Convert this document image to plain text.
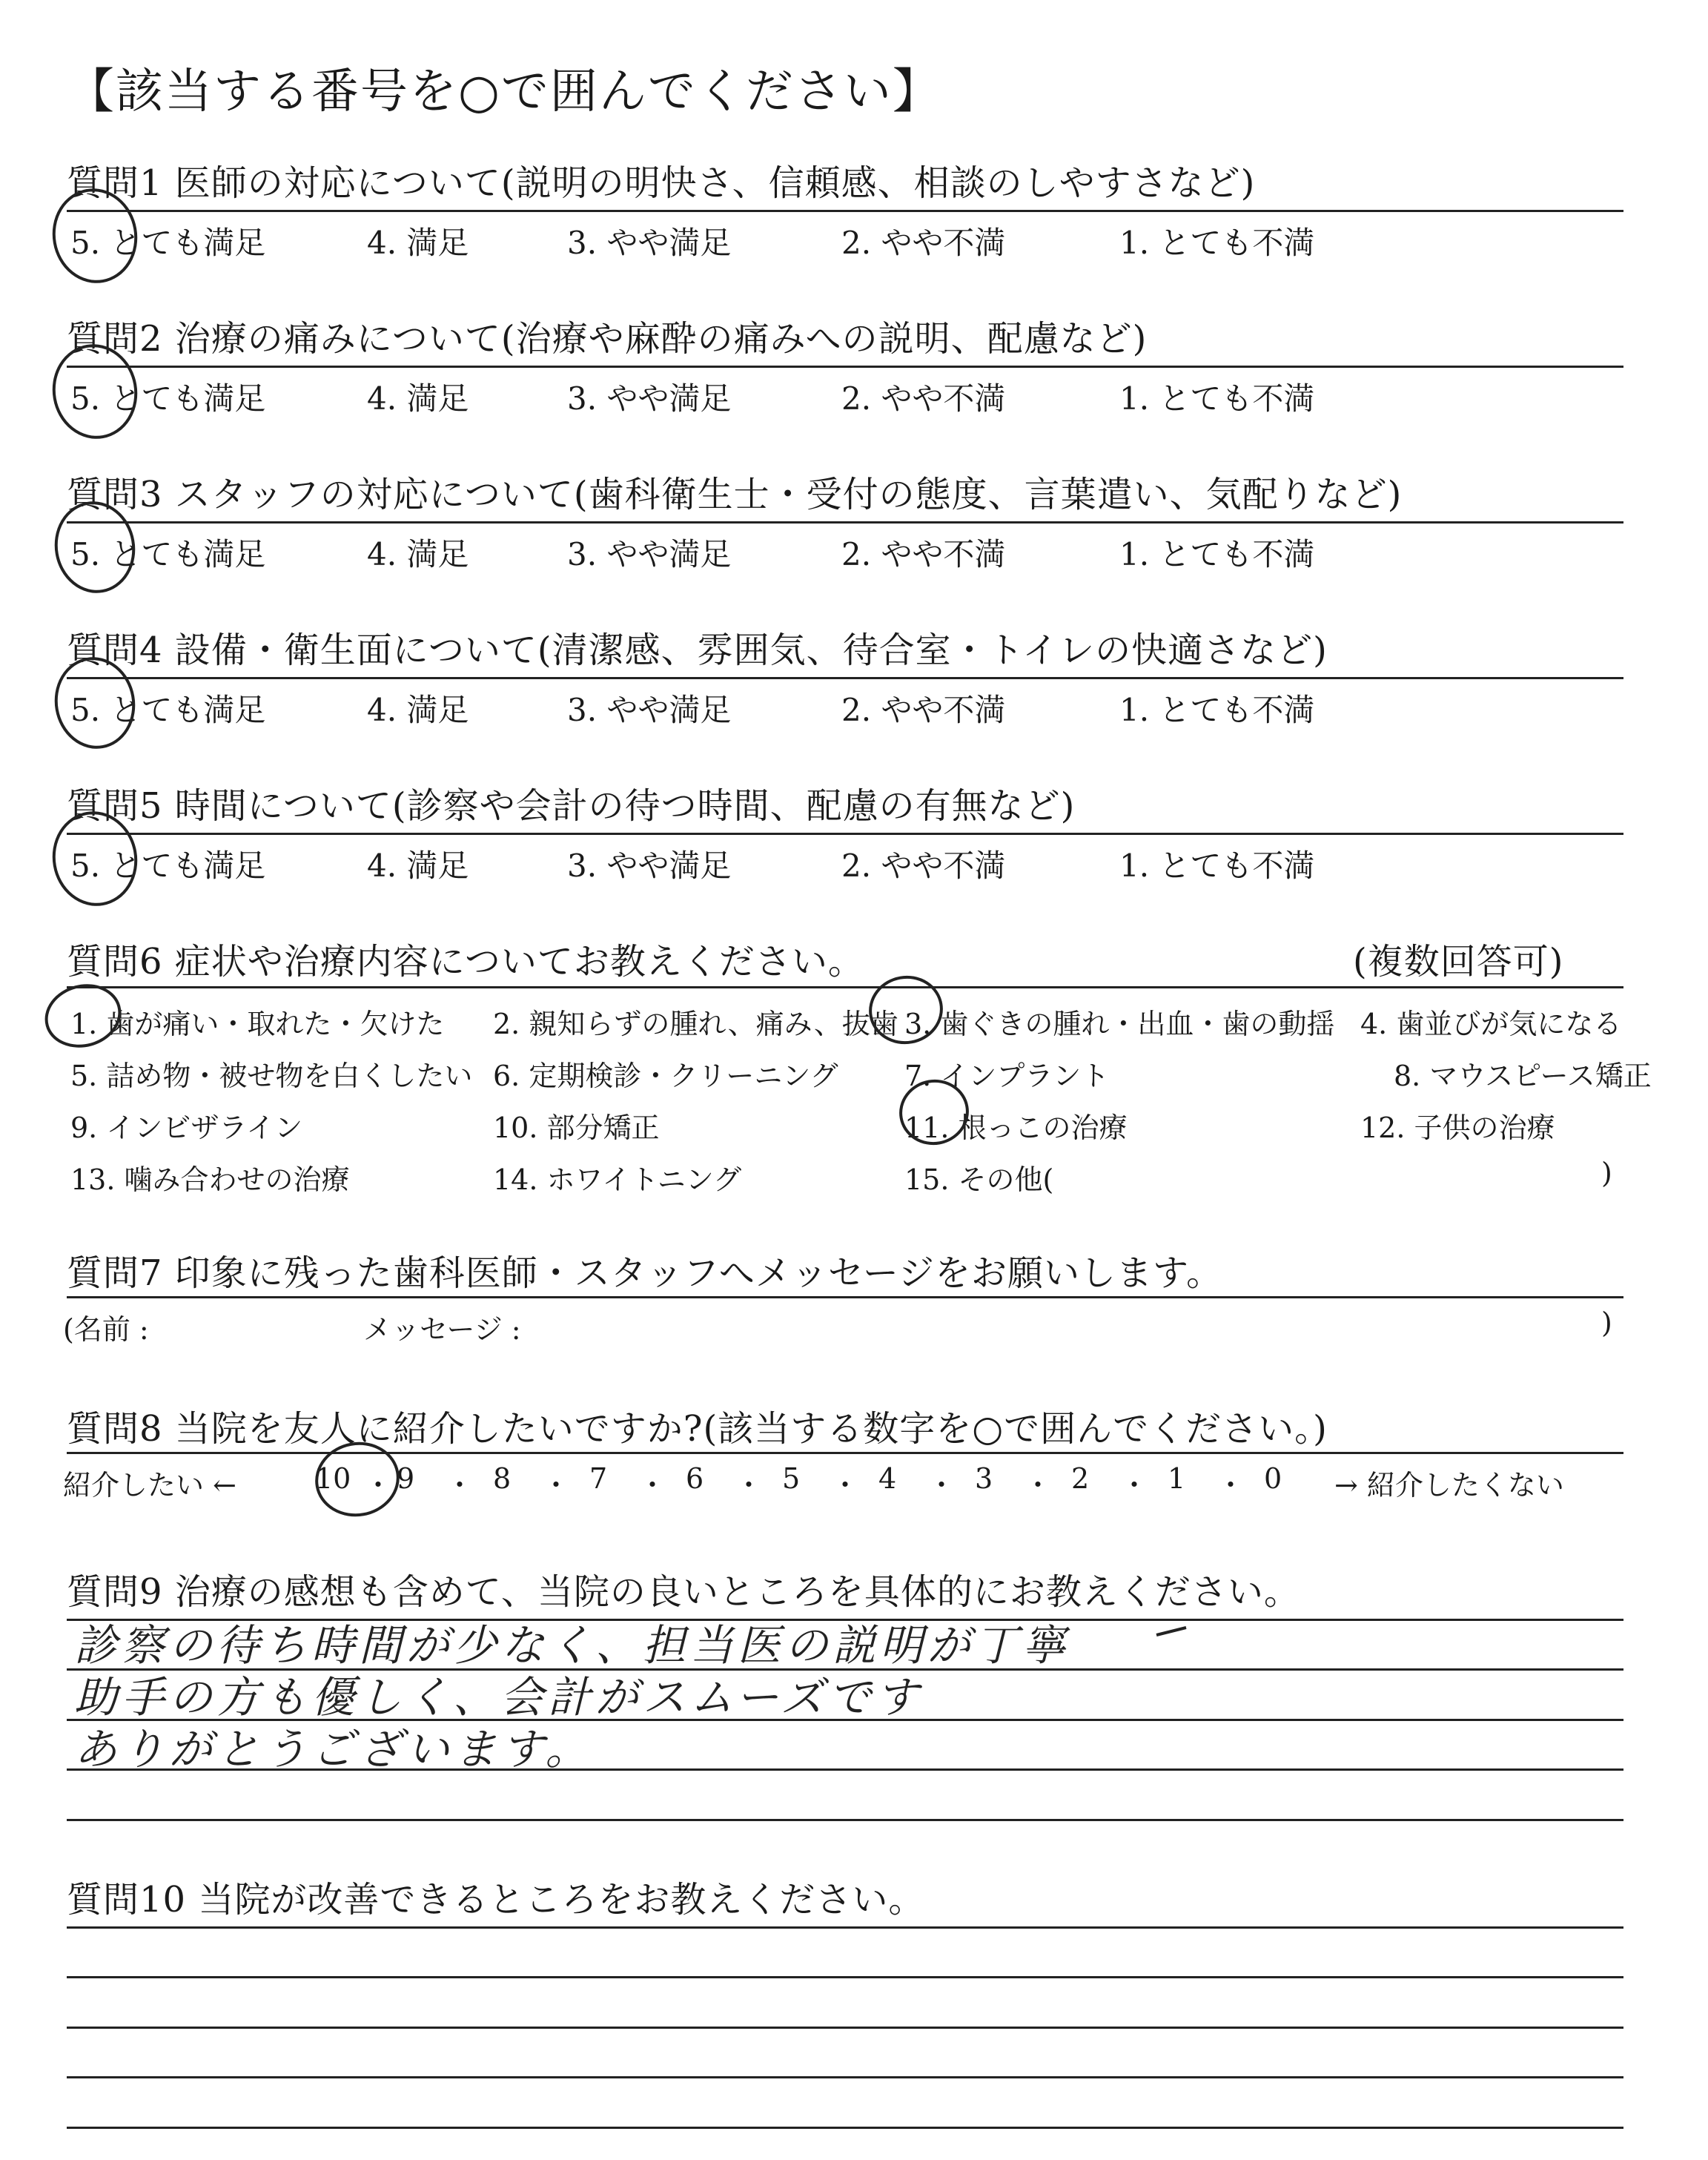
【該当する番号を○で囲んでください】
質問1 医師の対応について(説明の明快さ、信頼感、相談のしやすさなど)
5. とても満足	4. 満足	3. やや満足	2. やや不満	1. とても不満
質問2 治療の痛みについて(治療や麻酔の痛みへの説明、配慮など)
5. とても満足	4. 満足	3. やや満足	2. やや不満	1. とても不満
質問3 スタッフの対応について(歯科衛生士・受付の態度、言葉遣い、気配りなど)
5. とても満足	4. 満足	3. やや満足	2. やや不満	1. とても不満
質問4 設備・衛生面について(清潔感、雰囲気、待合室・トイレの快適さなど)
5. とても満足	4. 満足	3. やや満足	2. やや不満	1. とても不満
質問5 時間について(診察や会計の待つ時間、配慮の有無など)
5. とても満足	4. 満足	3. やや満足	2. やや不満	1. とても不満
質問6 症状や治療内容についてお教えください。	(複数回答可)
1. 歯が痛い・取れた・欠けた 2. 親知らずの腫れ、痛み、抜歯 3. 歯ぐきの腫れ・出血・歯の動揺 4. 歯並びが気になる
5. 詰め物・被せ物を白くしたい 6. 定期検診・クリーニング 7. インプラント	8. マウスピース矯正
9. インビザライン	10. 部分矯正	11. 根っこの治療	12. 子供の治療
13. 噛み合わせの治療	14. ホワイトニング	15. その他(	)
質問7 印象に残った歯科医師・スタッフへメッセージをお願いします。
(名前 :	メッセージ :	)
質問8 当院を友人に紹介したいですか?(該当する数字を○で囲んでください。)
紹介したい ←	10 ・ 9	・ 8	・ 7	・ 6	・ 5	・ 4	・ 3	・ 2	・ 1	・ 0	→ 紹介したくない
質問9 治療の感想も含めて、当院の良いところを具体的にお教えください。
診察の待ち時間が少なく、担当医の説明が丁寧
助手の方も優しく、会計がスムーズです
ありがとうございます。
質問10 当院が改善できるところをお教えください。
